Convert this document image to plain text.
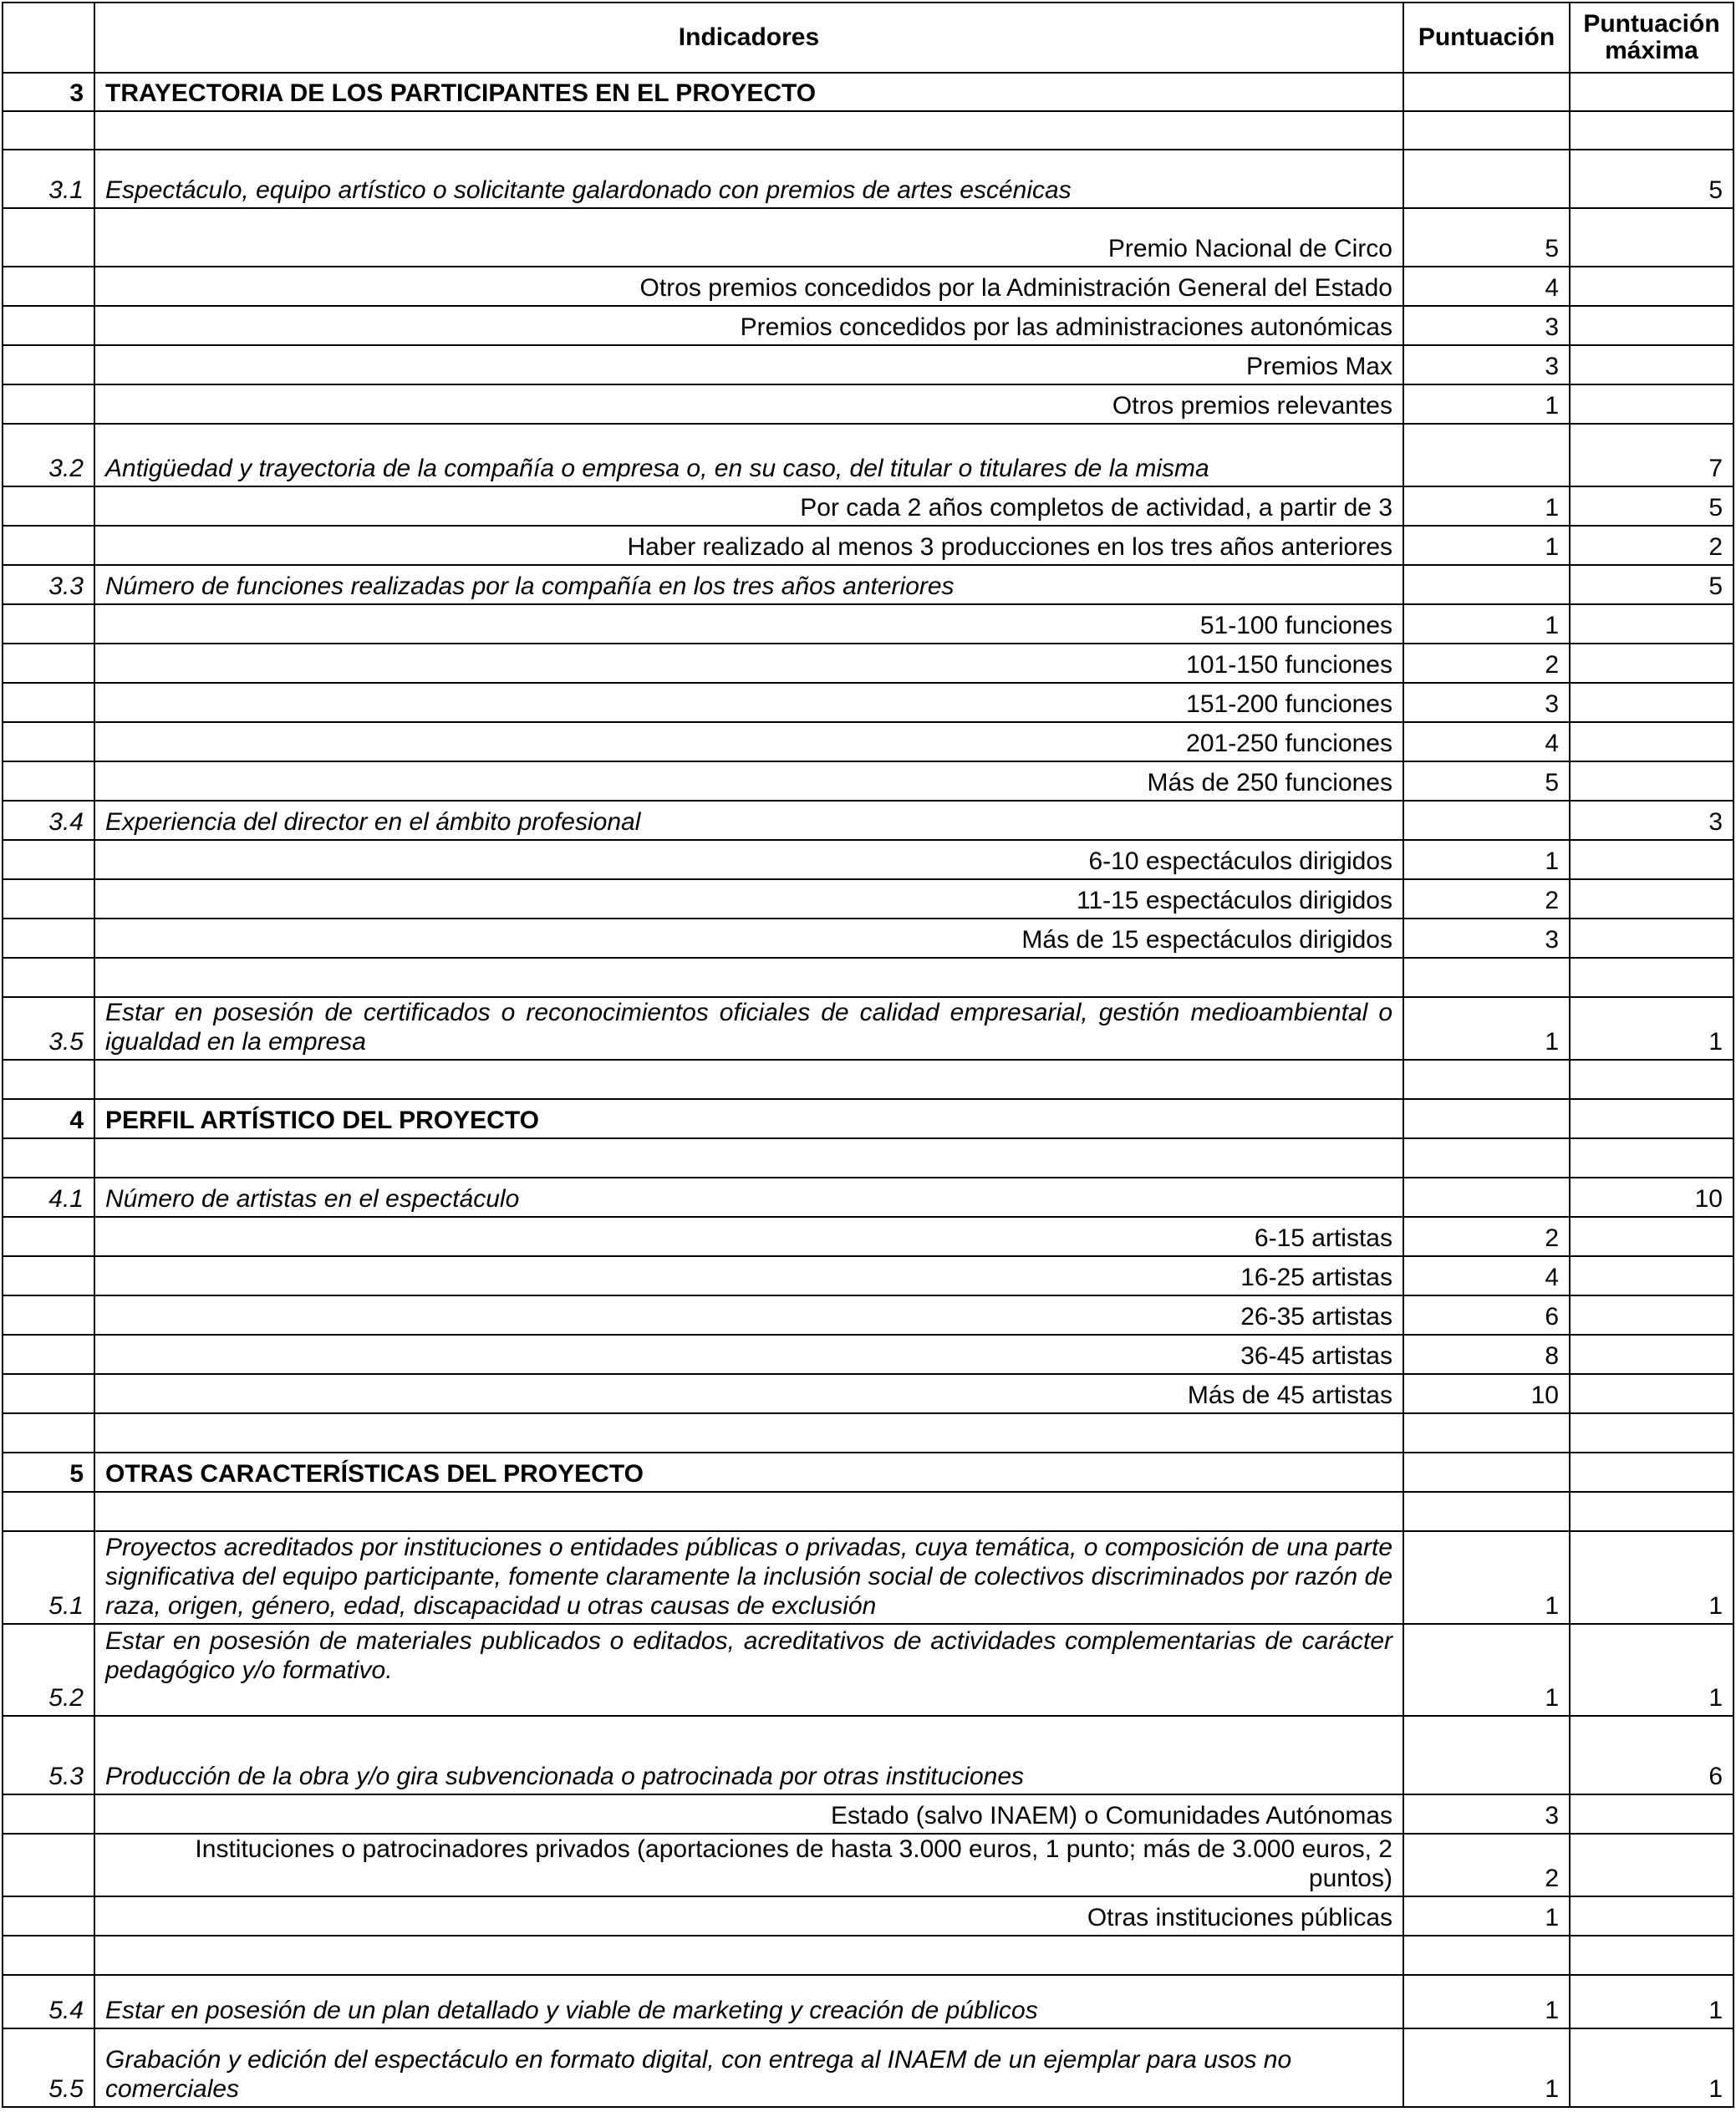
	Indicadores	Puntuación	Puntuación máxima
3	TRAYECTORIA DE LOS PARTICIPANTES EN EL PROYECTO		

3.1	Espectáculo, equipo artístico o solicitante galardonado con premios de artes escénicas		5
	Premio Nacional de Circo	5	
	Otros premios concedidos por la Administración General del Estado	4	
	Premios concedidos por las administraciones autonómicas	3	
	Premios Max	3	
	Otros premios relevantes	1	
3.2	Antigüedad y trayectoria de la compañía o empresa o, en su caso, del titular o titulares de la misma		7
	Por cada 2 años completos de actividad, a partir de 3	1	5
	Haber realizado al menos 3 producciones en los tres años anteriores	1	2
3.3	Número de funciones realizadas por la compañía en los tres años anteriores		5
	51-100 funciones	1	
	101-150 funciones	2	
	151-200 funciones	3	
	201-250 funciones	4	
	Más de 250 funciones	5	
3.4	Experiencia del director en el ámbito profesional		3
	6-10 espectáculos dirigidos	1	
	11-15 espectáculos dirigidos	2	
	Más de 15 espectáculos dirigidos	3	

3.5	Estar en posesión de certificados o reconocimientos oficiales de calidad empresarial, gestión medioambiental o igualdad en la empresa	1	1

4	PERFIL ARTÍSTICO DEL PROYECTO		

4.1	Número de artistas en el espectáculo		10
	6-15 artistas	2	
	16-25 artistas	4	
	26-35 artistas	6	
	36-45 artistas	8	
	Más de 45 artistas	10	

5	OTRAS CARACTERÍSTICAS DEL PROYECTO		

5.1	Proyectos acreditados por instituciones o entidades públicas o privadas, cuya temática, o composición de una parte significativa del equipo participante, fomente claramente la inclusión social de colectivos discriminados por razón de raza, origen, género, edad, discapacidad u otras causas de exclusión	1	1
5.2	Estar en posesión de materiales publicados o editados, acreditativos de actividades complementarias de carácter pedagógico y/o formativo.	1	1
5.3	Producción de la obra y/o gira subvencionada o patrocinada por otras instituciones		6
	Estado (salvo INAEM) o Comunidades Autónomas	3	
	Instituciones o patrocinadores privados (aportaciones de hasta 3.000 euros, 1 punto; más de 3.000 euros, 2 puntos)	2	
	Otras instituciones públicas	1	

5.4	Estar en posesión de un plan detallado y viable de marketing y creación de públicos	1	1
5.5	Grabación y edición del espectáculo en formato digital, con entrega al INAEM de un ejemplar para usos no comerciales	1	1
